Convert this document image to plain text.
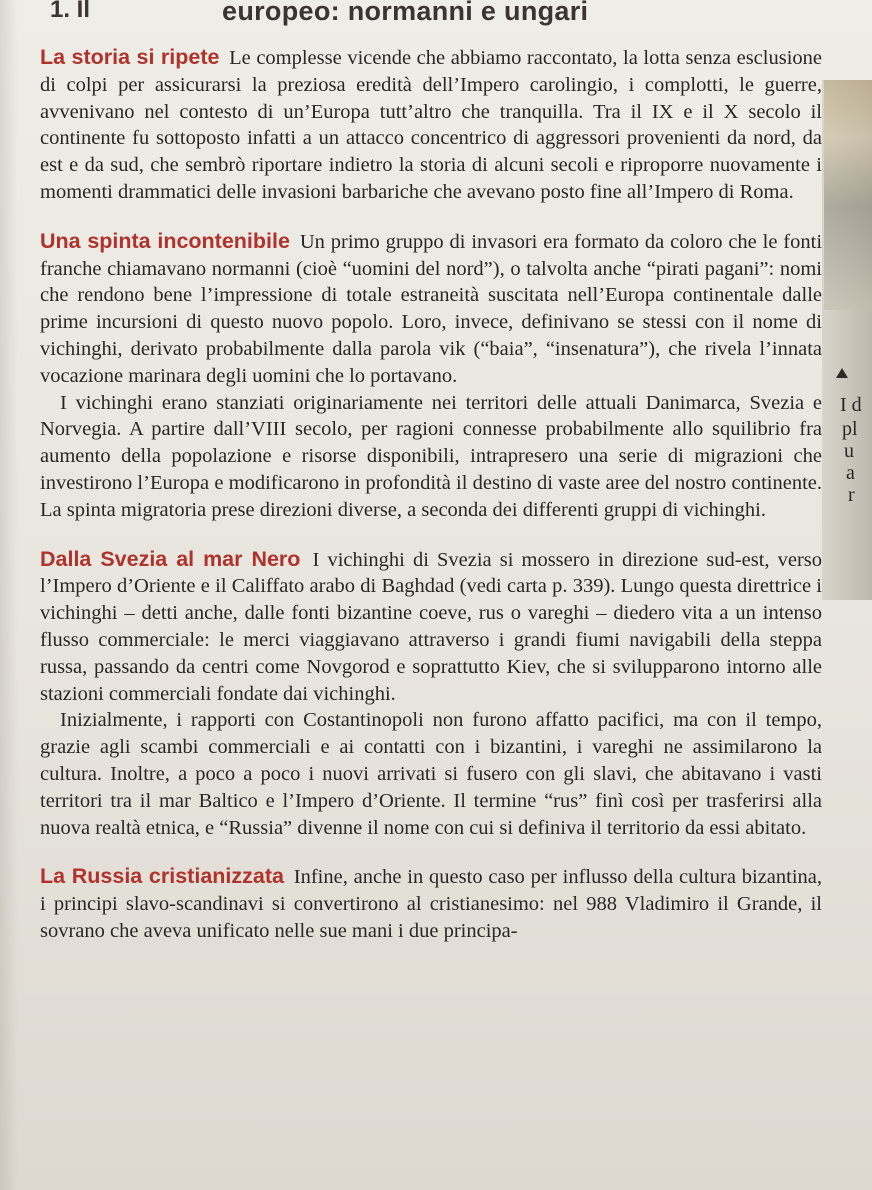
1. Il	europeo: normanni e ungari
I d
pl
u
a
r

La storia si ripete Le complesse vicende che abbiamo raccontato, la lotta senza esclusione di colpi per assicurarsi la preziosa eredità dell’Impero carolingio, i complotti, le guerre, avvenivano nel contesto di un’Europa tutt’altro che tranquilla. Tra il IX e il X secolo il continente fu sottoposto infatti a un attacco concentrico di aggressori provenienti da nord, da est e da sud, che sembrò riportare indietro la storia di alcuni secoli e riproporre nuovamente i momenti drammatici delle invasioni barbariche che avevano posto fine all’Impero di Roma.

Una spinta incontenibile Un primo gruppo di invasori era formato da coloro che le fonti franche chiamavano normanni (cioè “uomini del nord”), o talvolta anche “pirati pagani”: nomi che rendono bene l’impressione di totale estraneità suscitata nell’Europa continentale dalle prime incursioni di questo nuovo popolo. Loro, invece, definivano se stessi con il nome di vichinghi, derivato probabilmente dalla parola vik (“baia”, “insenatura”), che rivela l’innata vocazione marinara degli uomini che lo portavano.

I vichinghi erano stanziati originariamente nei territori delle attuali Danimarca, Svezia e Norvegia. A partire dall’VIII secolo, per ragioni connesse probabilmente allo squilibrio fra aumento della popolazione e risorse disponibili, intrapresero una serie di migrazioni che investirono l’Europa e modificarono in profondità il destino di vaste aree del nostro continente. La spinta migratoria prese direzioni diverse, a seconda dei differenti gruppi di vichinghi.

Dalla Svezia al mar Nero I vichinghi di Svezia si mossero in direzione sud-est, verso l’Impero d’Oriente e il Califfato arabo di Baghdad (vedi carta p. 339). Lungo questa direttrice i vichinghi – detti anche, dalle fonti bizantine coeve, rus o vareghi – diedero vita a un intenso flusso commerciale: le merci viaggiavano attraverso i grandi fiumi navigabili della steppa russa, passando da centri come Novgorod e soprattutto Kiev, che si svilupparono intorno alle stazioni commerciali fondate dai vichinghi.

Inizialmente, i rapporti con Costantinopoli non furono affatto pacifici, ma con il tempo, grazie agli scambi commerciali e ai contatti con i bizantini, i vareghi ne assimilarono la cultura. Inoltre, a poco a poco i nuovi arrivati si fusero con gli slavi, che abitavano i vasti territori tra il mar Baltico e l’Impero d’Oriente. Il termine “rus” finì così per trasferirsi alla nuova realtà etnica, e “Russia” divenne il nome con cui si definiva il territorio da essi abitato.

La Russia cristianizzata Infine, anche in questo caso per influsso della cultura bizantina, i principi slavo-scandinavi si convertirono al cristianesimo: nel 988 Vladimiro il Grande, il sovrano che aveva unificato nelle sue mani i due principa-
